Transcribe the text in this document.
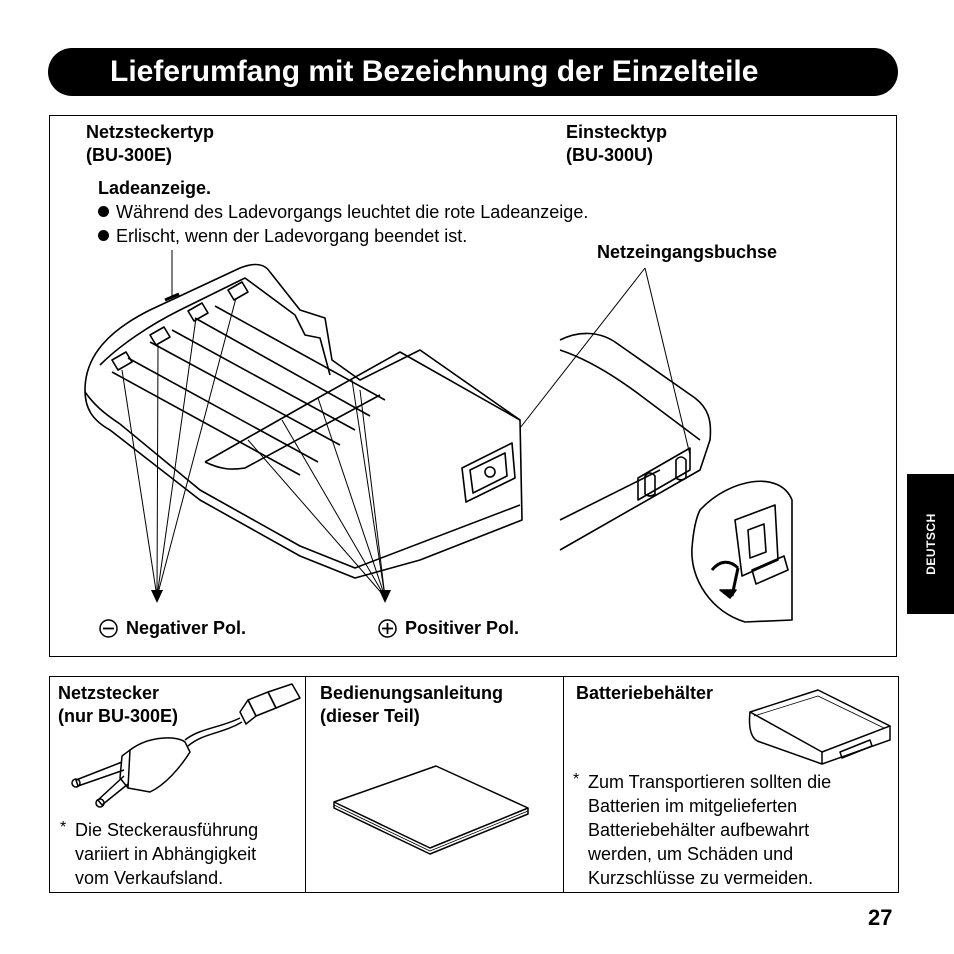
Lieferumfang mit Bezeichnung der Einzelteile
Netzsteckertyp
(BU-300E)
Einstecktyp
(BU-300U)
Ladeanzeige.
Während des Ladevorgangs leuchtet die rote Ladeanzeige.
Erlischt, wenn der Ladevorgang beendet ist.
Netzeingangsbuchse
Negativer Pol.	Positiver Pol.
DEUTSCH
Netzstecker
(nur BU-300E)
* Die Steckerausführung
variiert in Abhängigkeit
vom Verkaufsland.
Bedienungsanleitung
(dieser Teil)
Batteriebehälter
* Zum Transportieren sollten die
Batterien im mitgelieferten
Batteriebehälter aufbewahrt
werden, um Schäden und
Kurzschlüsse zu vermeiden.
27
